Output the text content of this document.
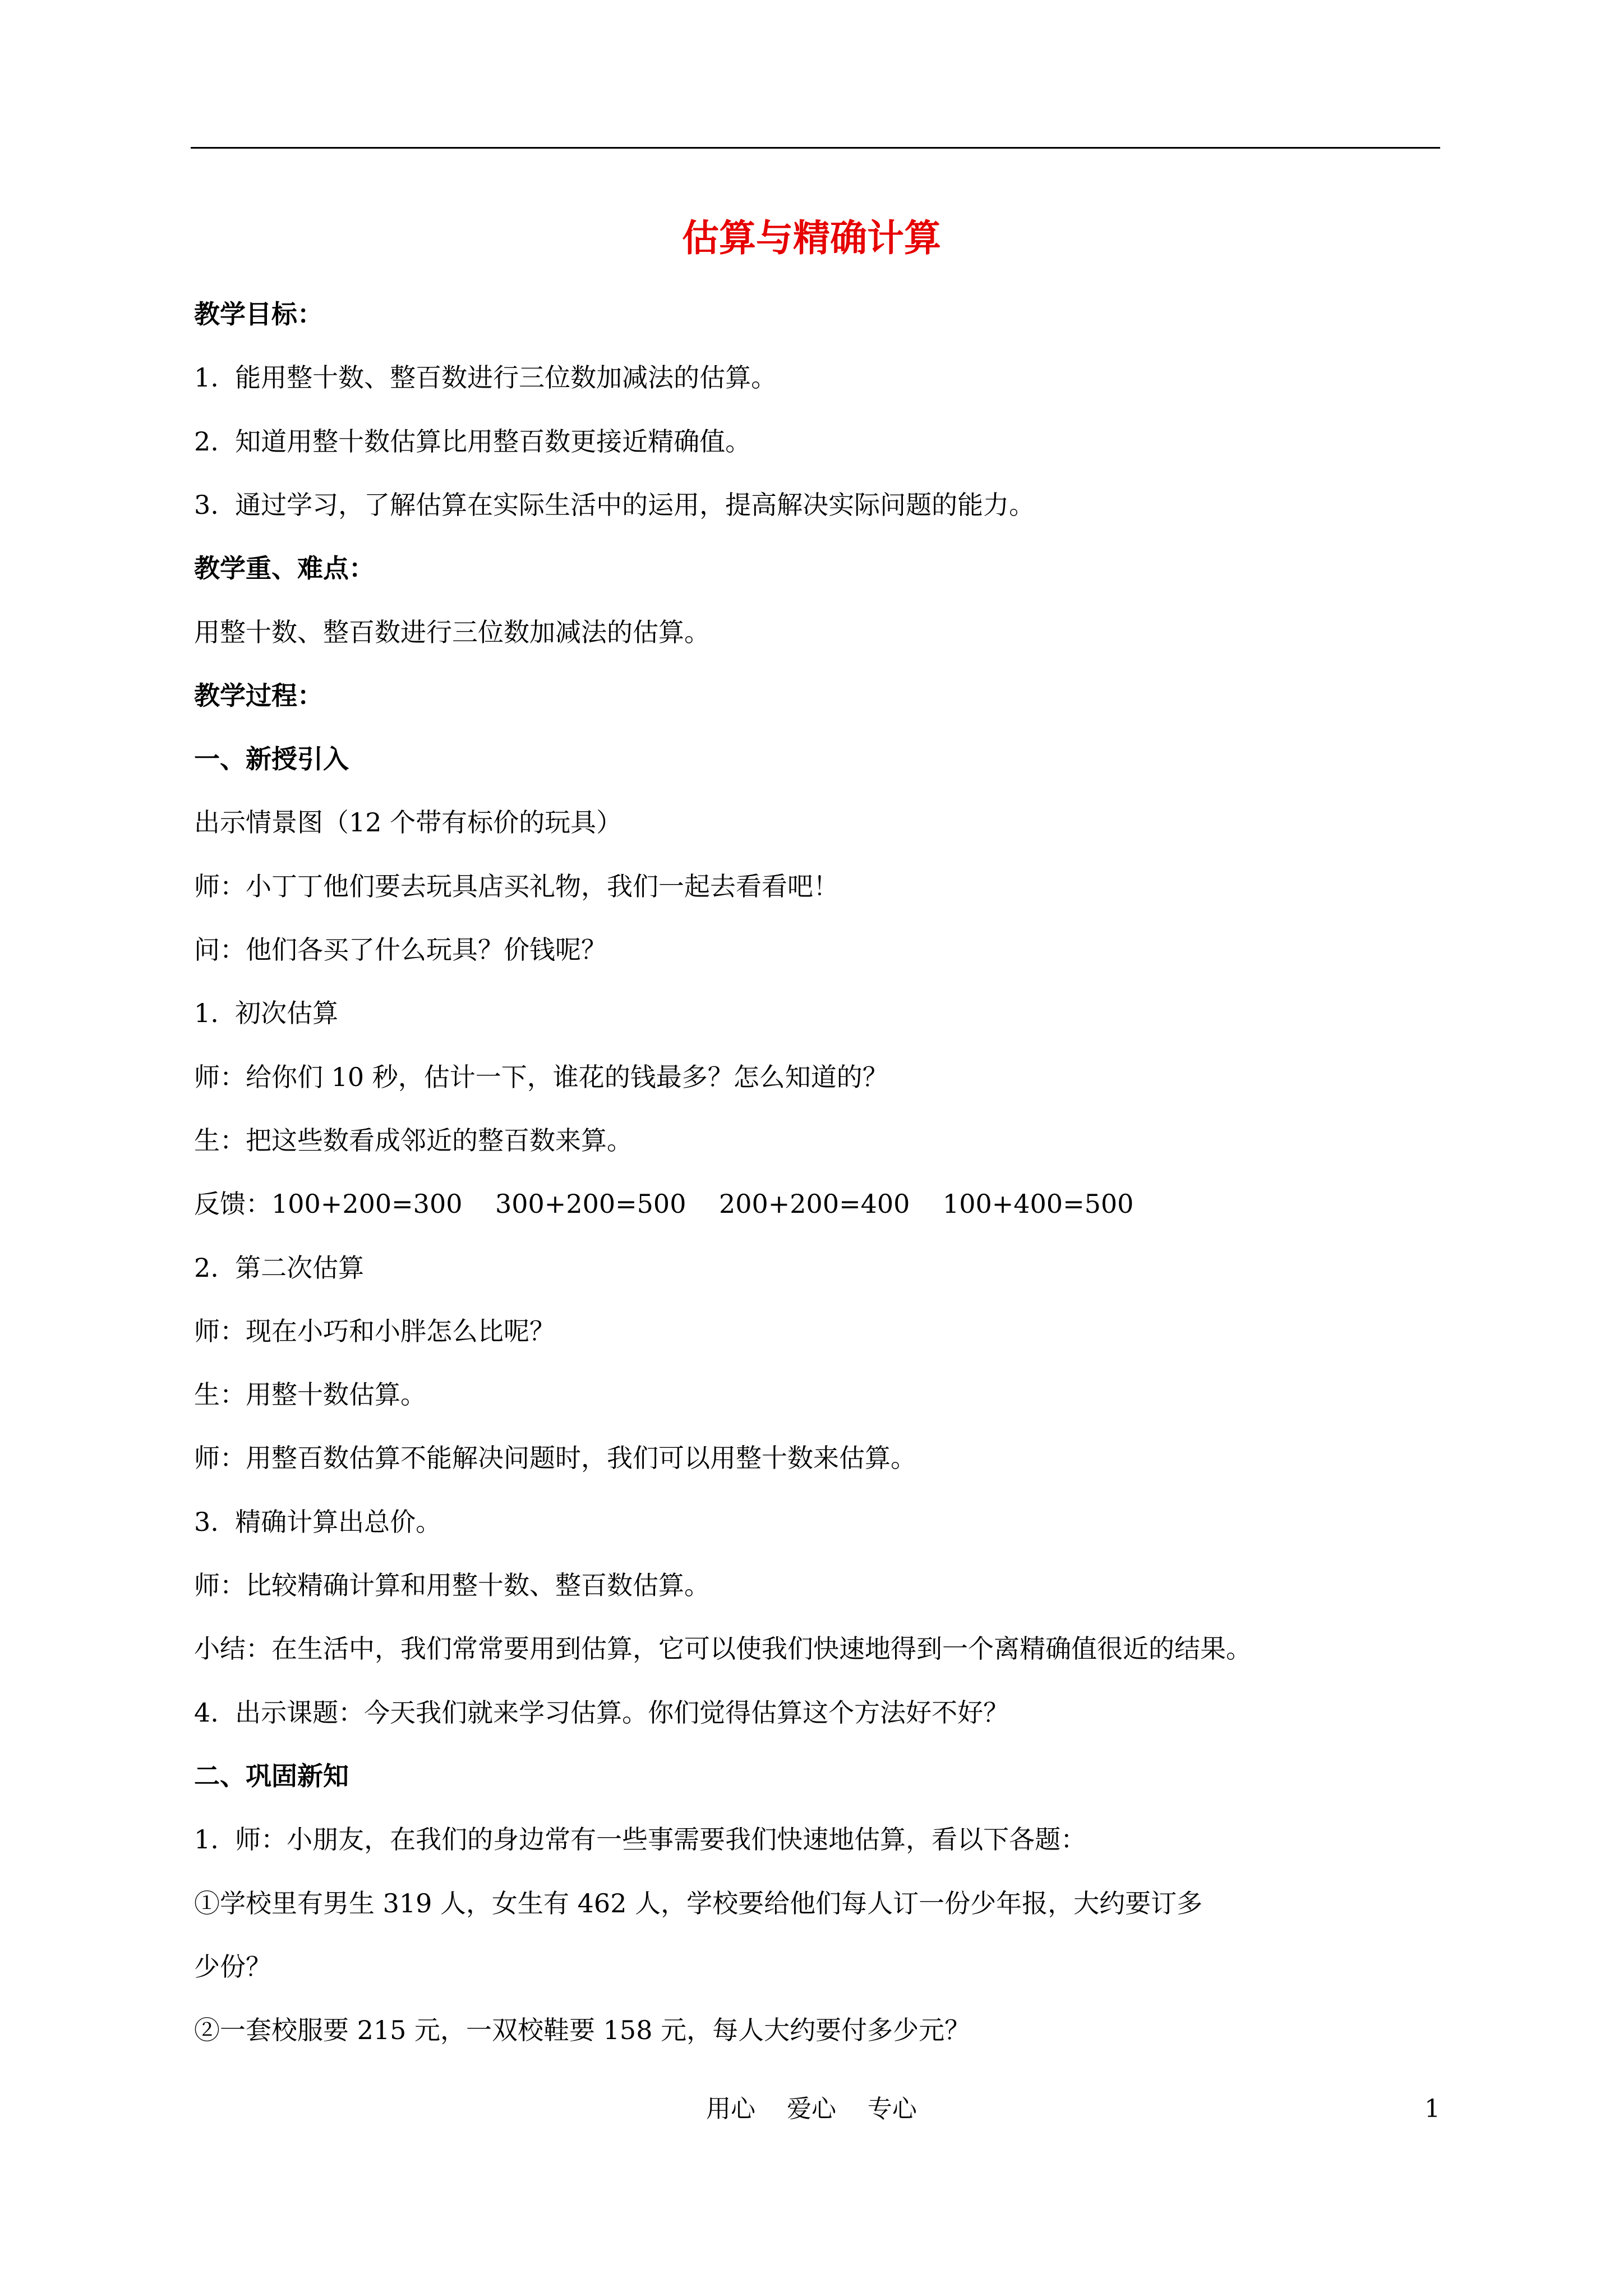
估算与精确计算
教学目标：
1.  能用整十数、整百数进行三位数加减法的估算。
2.  知道用整十数估算比用整百数更接近精确值。
3.  通过学习，了解估算在实际生活中的运用，提高解决实际问题的能力。
教学重、难点：
用整十数、整百数进行三位数加减法的估算。
教学过程：
一、新授引入
出示情景图（12 个带有标价的玩具）
师：小丁丁他们要去玩具店买礼物，我们一起去看看吧！
问：他们各买了什么玩具？价钱呢？
1.  初次估算
师：给你们 10 秒，估计一下，谁花的钱最多？怎么知道的？
生：把这些数看成邻近的整百数来算。
反馈：100+200=300    300+200=500    200+200=400    100+400=500
2.  第二次估算
师：现在小巧和小胖怎么比呢？
生：用整十数估算。
师：用整百数估算不能解决问题时，我们可以用整十数来估算。
3.  精确计算出总价。
师：比较精确计算和用整十数、整百数估算。
小结：在生活中，我们常常要用到估算，它可以使我们快速地得到一个离精确值很近的结果。
4.  出示课题：今天我们就来学习估算。你们觉得估算这个方法好不好？
二、巩固新知
1.  师：小朋友，在我们的身边常有一些事需要我们快速地估算，看以下各题：
①学校里有男生 319 人，女生有 462 人，学校要给他们每人订一份少年报，大约要订多
少份？
②一套校服要 215 元，一双校鞋要 158 元，每人大约要付多少元？
用心    爱心    专心	1
